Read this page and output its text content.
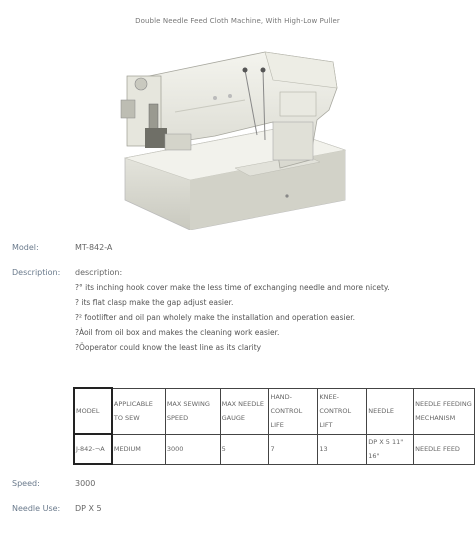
Double Needle Feed Cloth Machine, With High-Low Puller
Model:	MT-842-A
Description: description:
?° its inching hook cover make the less time of exchanging needle and more nicety.
? its flat clasp make the gap adjust easier.
?² footlifter and oil pan wholely make the installation and operation easier.
?Àoil from oil box and makes the cleaning work easier.
?Öoperator could know the least line as its clarity
MODEL	APPLICABLE TO SEW	MAX SEWING SPEED	MAX NEEDLE GAUGE	HAND-CONTROL LIFE	KNEE-CONTROL LIFT	NEEDLE	NEEDLE FEEDING MECHANISM
J-842-¬A	MEDIUM	3000	5	7	13	DP X 5 11" 16"	NEEDLE FEED
Speed:	3000
Needle Use: DP X 5
